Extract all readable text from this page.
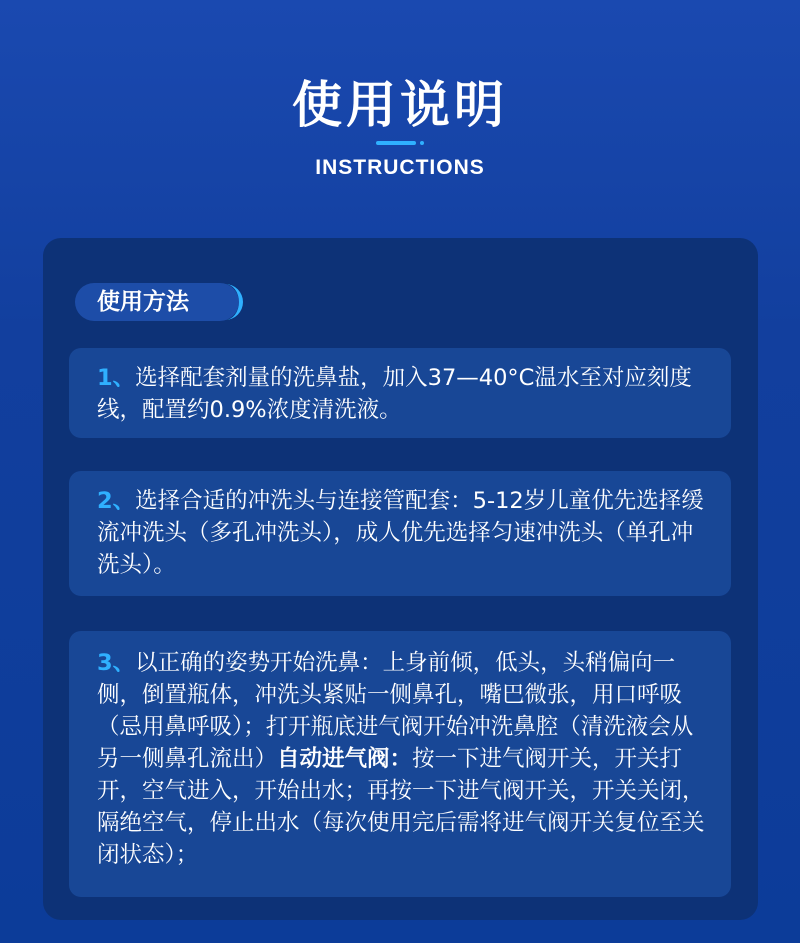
使用说明
INSTRUCTIONS
使用方法
1、选择配套剂量的洗鼻盐，加入37—40°C温水至对应刻度线，配置约0.9%浓度清洗液。
2、选择合适的冲洗头与连接管配套：5-12岁儿童优先选择缓流冲洗头（多孔冲洗头），成人优先选择匀速冲洗头（单孔冲洗头）。
3、以正确的姿势开始洗鼻：上身前倾，低头，头稍偏向一侧，倒置瓶体，冲洗头紧贴一侧鼻孔，嘴巴微张，用口呼吸（忌用鼻呼吸）；打开瓶底进气阀开始冲洗鼻腔（清洗液会从另一侧鼻孔流出）自动进气阀：按一下进气阀开关，开关打开，空气进入，开始出水；再按一下进气阀开关，开关关闭，隔绝空气，停止出水（每次使用完后需将进气阀开关复位至关闭状态）；
